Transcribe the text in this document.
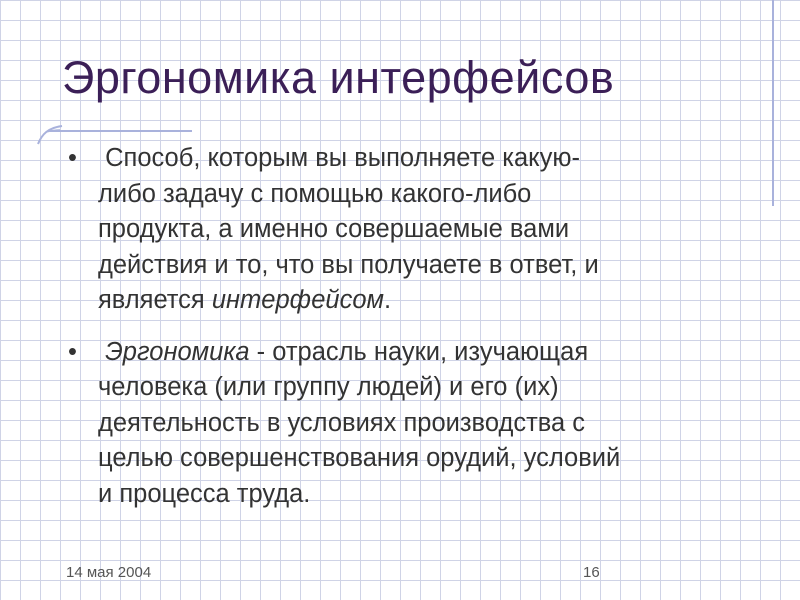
Эргономика интерфейсов
• Способ, которым вы выполняете какую-
либо задачу с помощью какого-либо
продукта, а именно совершаемые вами
действия и то, что вы получаете в ответ, и
является интерфейсом.
• Эргономика - отрасль науки, изучающая
человека (или группу людей) и его (их)
деятельность в условиях производства с
целью совершенствования орудий, условий
и процесса труда.
14 мая 2004	16
